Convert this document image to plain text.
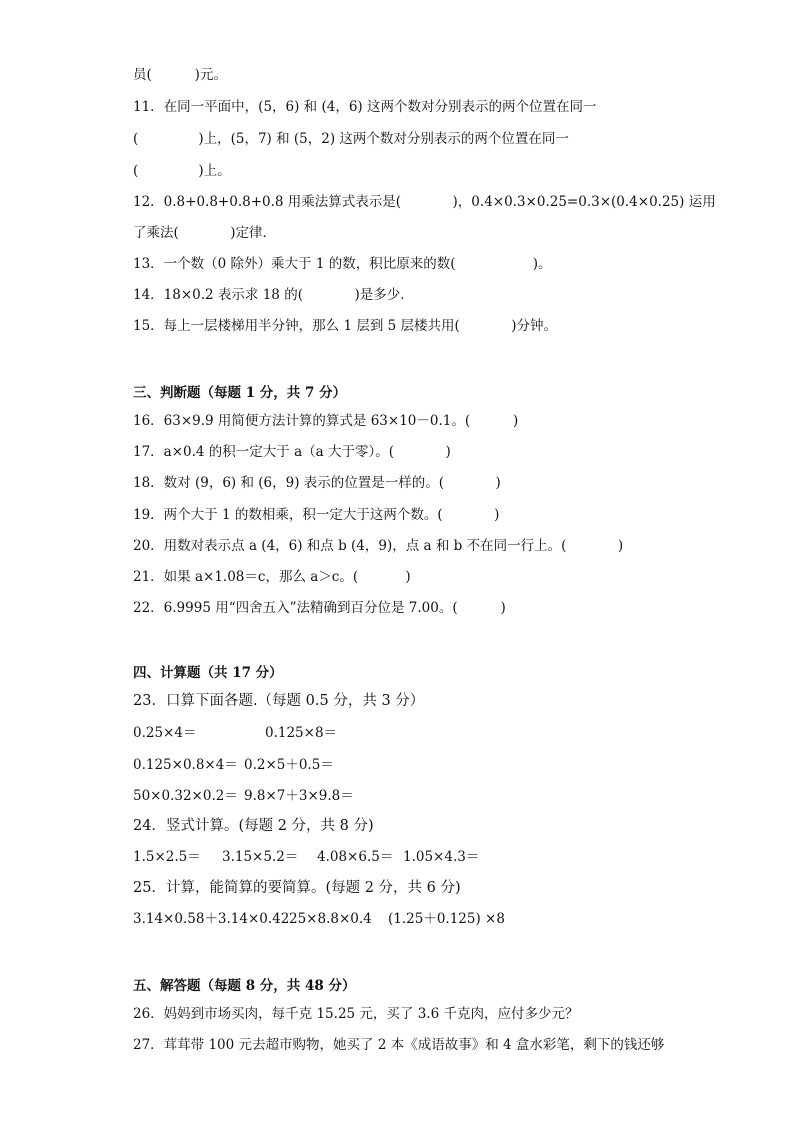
员(          )元。
11．在同一平面中，(5，6) 和 (4，6) 这两个数对分别表示的两个位置在同一
(              )上，(5，7) 和 (5，2) 这两个数对分别表示的两个位置在同一
(              )上。
12．0.8+0.8+0.8+0.8 用乘法算式表示是(            )，0.4×0.3×0.25=0.3×(0.4×0.25) 运用
了乘法(            )定律．
13．一个数（0 除外）乘大于 1 的数，积比原来的数(                  )。
14．18×0.2 表示求 18 的(            )是多少．
15．每上一层楼梯用半分钟，那么 1 层到 5 层楼共用(            )分钟。
三、判断题（每题 1 分，共 7 分）
16．63×9.9 用简便方法计算的算式是 63×10－0.1。(          )
17．a×0.4 的积一定大于 a（a 大于零）。(            )
18．数对 (9，6) 和 (6，9) 表示的位置是一样的。(            )
19．两个大于 1 的数相乘，积一定大于这两个数。(            )
20．用数对表示点 a (4，6) 和点 b (4，9)，点 a 和 b 不在同一行上。(            )
21．如果 a×1.08＝c，那么 a＞c。(           )
22．6.9995 用“四舍五入”法精确到百分位是 7.00。(          )
四、计算题（共 17 分）
23．口算下面各题.（每题 0.5 分，共 3 分）
0.25×4＝	0.125×8＝
0.125×0.8×4＝ 0.2×5＋0.5＝
50×0.32×0.2＝ 9.8×7＋3×9.8＝
24．竖式计算。(每题 2 分，共 8 分)
1.5×2.5＝ 3.15×5.2＝ 4.08×6.5＝ 1.05×4.3＝
25．计算，能简算的要简算。(每题 2 分，共 6 分)
3.14×0.58＋3.14×0.42 25×8.8×0.4 (1.25＋0.125) ×8
五、解答题（每题 8 分，共 48 分）
26．妈妈到市场买肉，每千克 15.25 元，买了 3.6 千克肉，应付多少元？
27．茸茸带 100 元去超市购物，她买了 2 本《成语故事》和 4 盒水彩笔，剩下的钱还够
